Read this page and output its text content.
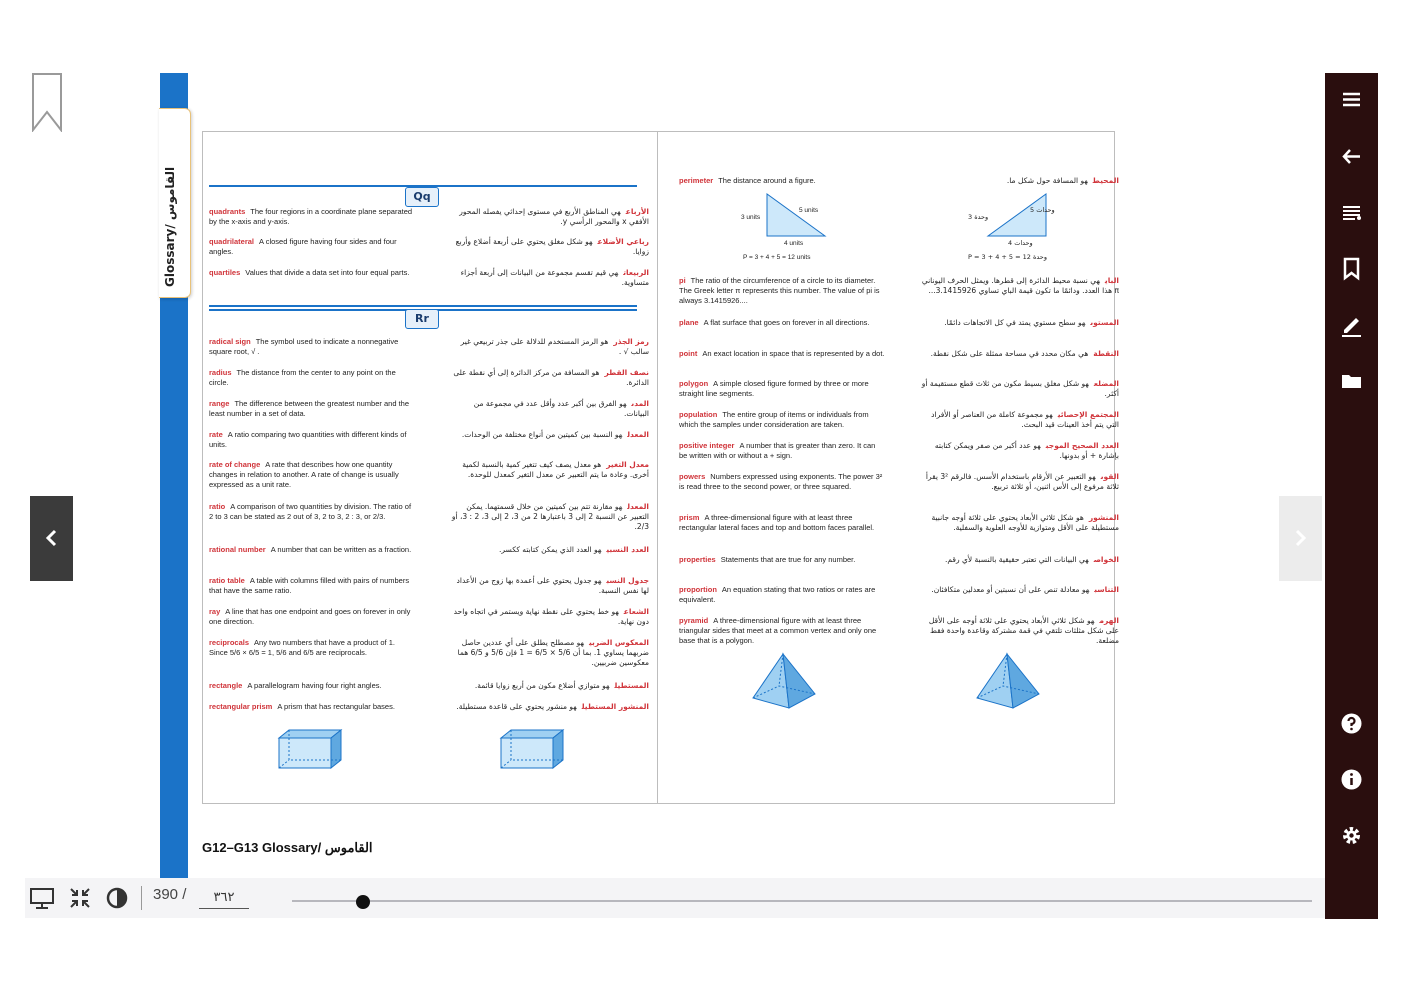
Glossary/ القاموس	Qq
quadrants The four regions in a coordinate plane separated by the x-axis and y-axis.
الأرباعهي المناطق الأربع في مستوى إحداثي يفصله المحور الأفقي x والمحور الرأسي y.
quadrilateral A closed figure having four sides and four angles.
رباعي الأضلاعهو شكل مغلق يحتوي على أربعة أضلاع وأربع زوايا.
quartiles Values that divide a data set into four equal parts.	الربيعاتهي قيم تقسم مجموعة من البيانات إلى أربعة أجزاء متساوية.
Rr
radical sign The symbol used to indicate a nonnegative square root, √ .
رمز الجذرهو الرمز المستخدم للدلالة على جذر تربيعي غير سالب √ .
radius The distance from the center to any point on the circle.
نصف القطرهو المسافة من مركز الدائرة إلى أي نقطة على الدائرة.
range The difference between the greatest number and the least number in a set of data.
المدىهو الفرق بين أكبر عدد وأقل عدد في مجموعة من البيانات.
rate A ratio comparing two quantities with different kinds of units.
المعدلهو النسبة بين كميتين من أنواع مختلفة من الوحدات.
rate of change A rate that describes how one quantity changes in relation to another. A rate of change is usually expressed as a unit rate.
معدل التغيرهو معدل يصف كيف تتغير كمية بالنسبة لكمية أخرى. وعادة ما يتم التعبير عن معدل التغير كمعدل للوحدة.
ratio A comparison of two quantities by division. The ratio of 2 to 3 can be stated as 2 out of 3, 2 to 3, 2 : 3, or 2/3.
المعدلهو مقارنة تتم بين كميتين من خلال قسمتهما. يمكن التعبير عن النسبة 2 إلى 3 باعتبارها 2 من 3، 2 إلى 3، 2 : 3، أو 2/3.
rational number A number that can be written as a fraction.	العدد النسبيهو العدد الذي يمكن كتابته ككسر.
ratio table A table with columns filled with pairs of numbers that have the same ratio.
جدول النسبهو جدول يحتوي على أعمدة بها زوج من الأعداد لها نفس النسبة.
ray A line that has one endpoint and goes on forever in only one direction.
الشعاعهو خط يحتوي على نقطة نهاية ويستمر في اتجاه واحد دون نهاية.
reciprocals Any two numbers that have a product of 1. Since 5/6 × 6/5 = 1, 5/6 and 6/5 are reciprocals.
المعكوس الضربيهو مصطلح يطلق على أي عددين حاصل ضربهما يساوي 1. بما أن 5/6 × 6/5 = 1 فإن 5/6 و 6/5 هما معكوسين ضربيين.
rectangle A parallelogram having four right angles.	المستطيلهو متوازي أضلاع مكون من أربع زوايا قائمة.
rectangular prism A prism that has rectangular bases.	المنشور المستطيلهو منشور يحتوي على قاعدة مستطيلة.
3 units
5 units
4 units
P = 3 + 4 + 5 = 12 units
وحدة 3
وحدات 5
وحدات 4
P = 3 + 4 + 5 = 12 وحدة
perimeter The distance around a figure.	المحيطهو المسافة حول شكل ما.
pi The ratio of the circumference of a circle to its diameter. The Greek letter π represents this number. The value of pi is always 3.1415926....
البايهي نسبة محيط الدائرة إلى قطرها. ويمثل الحرف اليوناني π هذا العدد. ودائمًا ما تكون قيمة الباي تساوي 3.1415926...
plane A flat surface that goes on forever in all directions.	المستوىهو سطح مستوي يمتد في كل الاتجاهات دائمًا.
point An exact location in space that is represented by a dot.	النقطةهي مكان محدد في مساحة ممثلة على شكل نقطة.
polygon A simple closed figure formed by three or more straight line segments.
المضلعهو شكل مغلق بسيط مكون من ثلاث قطع مستقيمة أو أكثر.
population The entire group of items or individuals from which the samples under consideration are taken.
المجتمع الإحصائيهو مجموعة كاملة من العناصر أو الأفراد التي يتم أخذ العينات قيد البحث.
positive integer A number that is greater than zero. It can be written with or without a + sign.
العدد الصحيح الموجبهو عدد أكبر من صفر ويمكن كتابته بإشارة + أو بدونها.
powers Numbers expressed using exponents. The power 3² is read three to the second power, or three squared.
القوىهو التعبير عن الأرقام باستخدام الأسس. فالرقم 3² يقرأ ثلاثة مرفوع إلى الأس اثنين، أو ثلاثة تربيع.
prism A three-dimensional figure with at least three rectangular lateral faces and top and bottom faces parallel.
المنشورهو شكل ثلاثي الأبعاد يحتوي على ثلاثة أوجه جانبية مستطيلة على الأقل ومتوازية للأوجه العلوية والسفلية.
properties Statements that are true for any number.	الخواصهي البيانات التي تعتبر حقيقية بالنسبة لأي رقم.
proportion An equation stating that two ratios or rates are equivalent.
التناسبهو معادلة تنص على أن نسبتين أو معدلين متكافئان.
pyramid A three-dimensional figure with at least three triangular sides that meet at a common vertex and only one base that is a polygon.
الهرمهو شكل ثلاثي الأبعاد يحتوي على ثلاثة أوجه على الأقل على شكل مثلثات تلتقي في قمة مشتركة وقاعدة واحدة فقط مضلعة.
G12–G13 Glossary/ القاموس
390 /
٣٦٢
